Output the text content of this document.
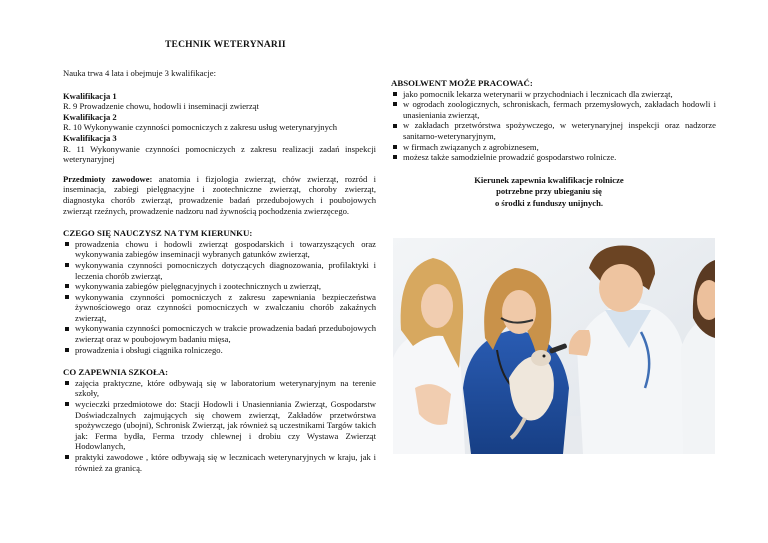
TECHNIK WETERYNARII

Nauka trwa 4 lata i obejmuje 3 kwalifikacje:

Kwalifikacja 1

R. 9 Prowadzenie chowu, hodowli i inseminacji zwierząt

Kwalifikacja 2

R. 10 Wykonywanie czynności pomocniczych z zakresu usług weterynaryjnych

Kwalifikacja 3

R. 11 Wykonywanie czynności pomocniczych z zakresu realizacji zadań inspekcji weterynaryjnej

Przedmioty zawodowe: anatomia i fizjologia zwierząt, chów zwierząt, rozród i inseminacja, zabiegi pielęgnacyjne i zootechniczne zwierząt, choroby zwierząt, diagnostyka chorób zwierząt, prowadzenie badań przedubojowych i poubojowych zwierząt rzeźnych, prowadzenie nadzoru nad żywnością pochodzenia zwierzęcego.

CZEGO SIĘ NAUCZYSZ NA TYM KIERUNKU:

prowadzenia chowu i hodowli zwierząt gospodarskich i towarzyszących oraz wykonywania zabiegów inseminacji wybranych gatunków zwierząt,
wykonywania czynności pomocniczych dotyczących diagnozowania, profilaktyki i leczenia chorób zwierząt,
wykonywania zabiegów pielęgnacyjnych i zootechnicznych u zwierząt,
wykonywania czynności pomocniczych z zakresu zapewniania bezpieczeństwa żywnościowego oraz czynności pomocniczych w zwalczaniu chorób zakaźnych zwierząt,
wykonywania czynności pomocniczych w trakcie prowadzenia badań przedubojowych zwierząt oraz w poubojowym badaniu mięsa,
prowadzenia i obsługi ciągnika rolniczego.

CO ZAPEWNIA SZKOŁA:

zajęcia praktyczne, które odbywają się w laboratorium weterynaryjnym na terenie szkoły,
wycieczki przedmiotowe do: Stacji Hodowli i Unasienniania Zwierząt, Gospodarstw Doświadczalnych zajmujących się chowem zwierząt, Zakładów przetwórstwa spożywczego (ubojni), Schronisk Zwierząt, jak również są uczestnikami Targów takich jak: Ferma bydła, Ferma trzody chlewnej i drobiu czy Wystawa Zwierząt Hodowlanych,
praktyki zawodowe , które odbywają się w lecznicach weterynaryjnych w kraju, jak i również za granicą.

ABSOLWENT MOŻE PRACOWAĆ:

jako pomocnik lekarza weterynarii w przychodniach i lecznicach dla zwierząt,
w ogrodach zoologicznych, schroniskach, fermach przemysłowych, zakładach hodowli i unasieniania zwierząt,
w zakładach przetwórstwa spożywczego, w weterynaryjnej inspekcji oraz nadzorze sanitarno-weterynaryjnym,
w firmach związanych z agrobiznesem,
możesz także samodzielnie prowadzić gospodarstwo rolnicze.
Kierunek zapewnia kwalifikacje rolnicze
potrzebne przy ubieganiu się
o środki z funduszy unijnych.
